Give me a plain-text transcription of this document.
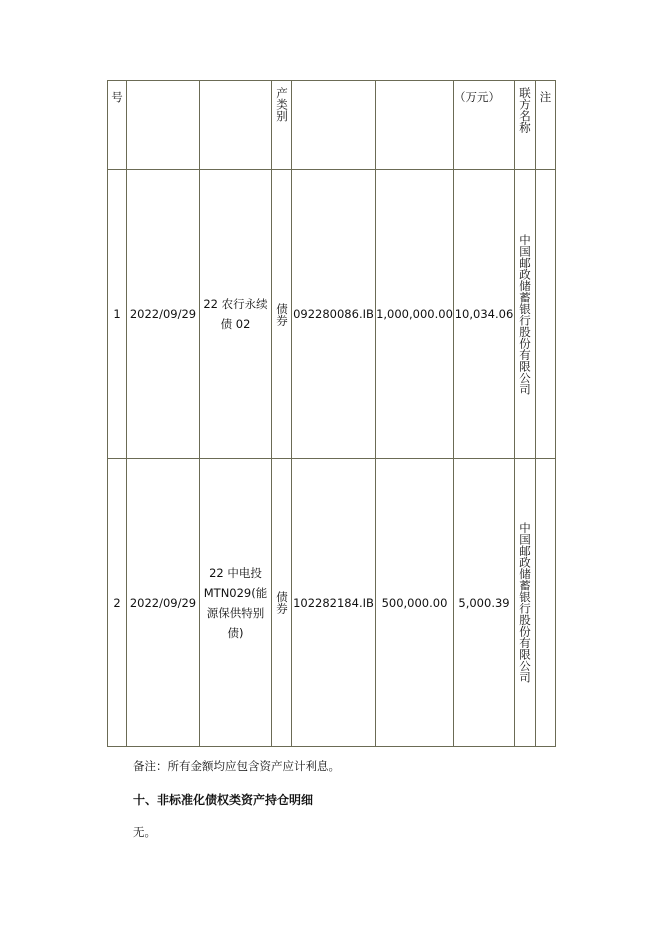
号			产类别			（万元）	联方名称	注

1	2022/09/29	22 农行永续债 02	债券	092280086.IB	1,000,000.00	10,034.06	中国邮政储蓄银行股份有限公司	

2	2022/09/29	22 中电投MTN029(能源保供特别债)	债券	102282184.IB	500,000.00	5,000.39	中国邮政储蓄银行股份有限公司	

备注：所有金额均应包含资产应计利息。
十、非标准化债权类资产持仓明细
无。
